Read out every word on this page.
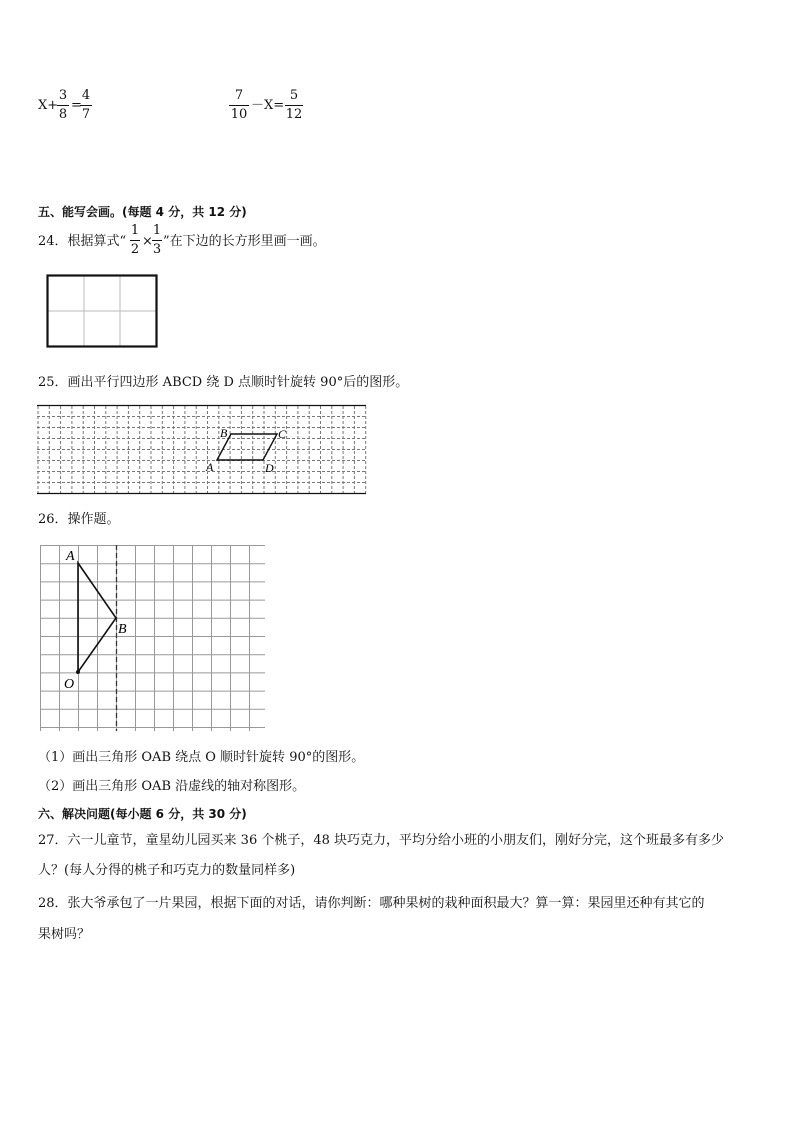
X+
3
8
=
4
7
7
10
－X=
5
12
五、能写会画。(每题 4 分，共 12 分)
24．根据算式“
1
2
×
1
3
”在下边的长方形里画一画。
25．画出平行四边形 ABCD 绕 D 点顺时针旋转 90°后的图形。
A
B	C
D
26．操作题。
A
B
O
（1）画出三角形 OAB 绕点 O 顺时针旋转 90°的图形。
（2）画出三角形 OAB 沿虚线的轴对称图形。
六、解决问题(每小题 6 分，共 30 分)
27．六一儿童节，童星幼儿园买来 36 个桃子，48 块巧克力，平均分给小班的小朋友们，刚好分完，这个班最多有多少
人？(每人分得的桃子和巧克力的数量同样多)
28．张大爷承包了一片果园，根据下面的对话，请你判断：哪种果树的栽种面积最大？算一算：果园里还种有其它的
果树吗？
